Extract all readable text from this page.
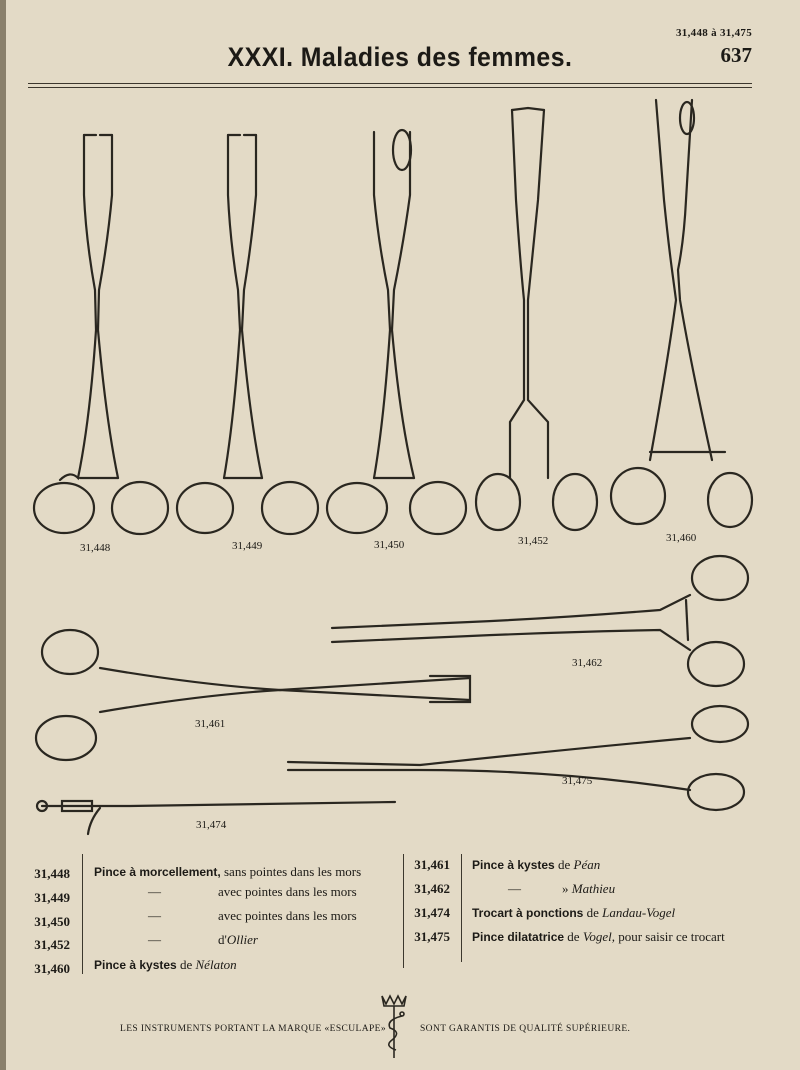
31,448 à 31,475
637
XXXI. Maladies des femmes.
31,448	31,449	31,450	31,452	31,460
31,462
31,461
31,475
31,474
31,448 Pince à morcellement, sans pointes dans les mors
31,449	—	avec pointes dans les mors
31,450	—	avec pointes dans les mors
31,452	—	d'Ollier
31,460 Pince à kystes de Nélaton
31,461 Pince à kystes de Péan
31,462	—	» Mathieu
31,474 Trocart à ponctions de Landau-Vogel
31,475 Pince dilatatrice de Vogel, pour saisir ce trocart
LES INSTRUMENTS PORTANT LA MARQUE «ESCULAPE»	SONT GARANTIS DE QUALITÉ SUPÉRIEURE.
